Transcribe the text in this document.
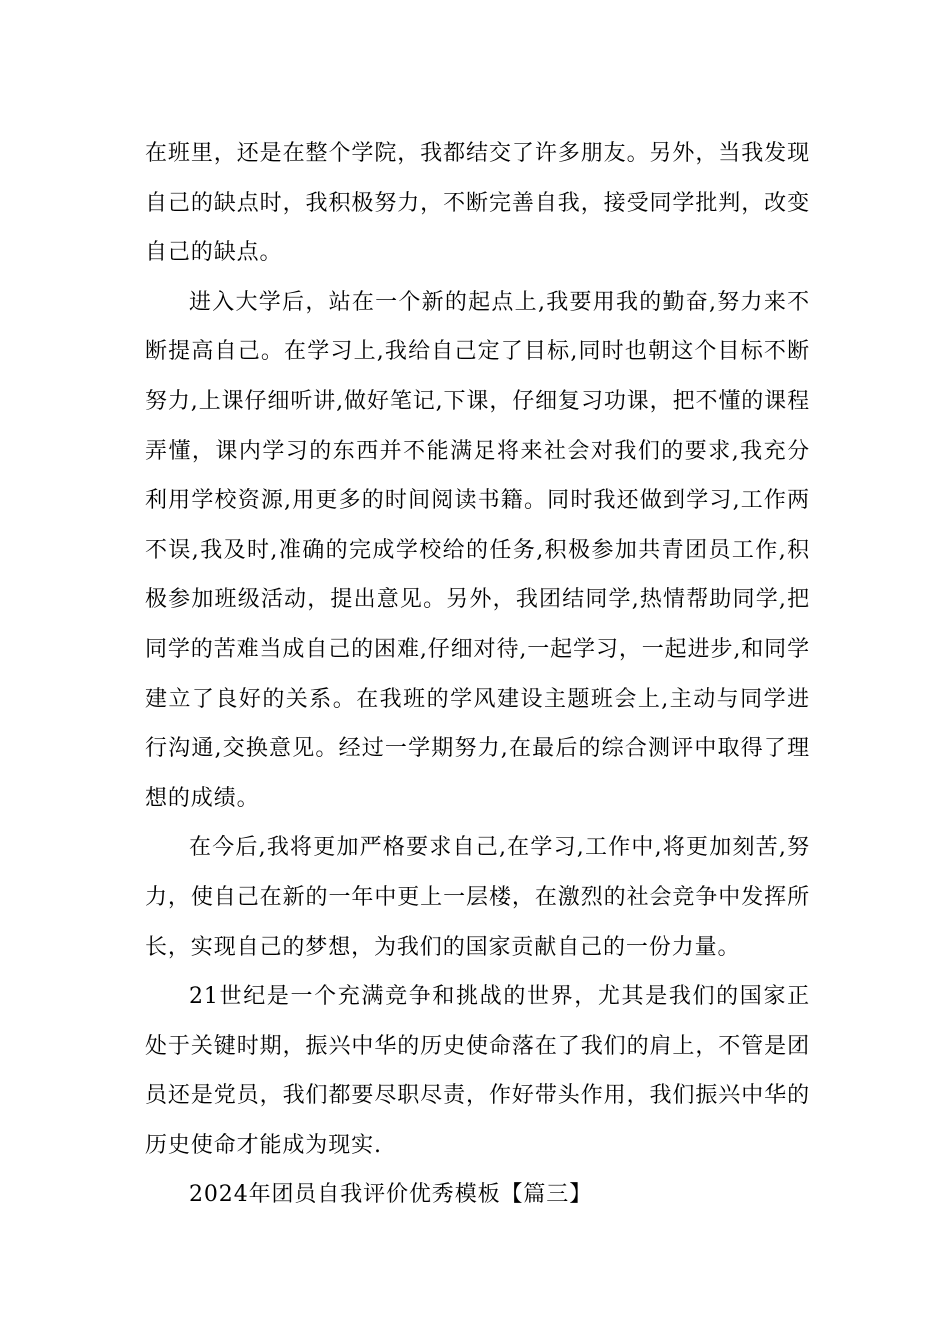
在班里，还是在整个学院，我都结交了许多朋友。另外，当我发现自己的缺点时，我积极努力，不断完善自我，接受同学批判，改变自己的缺点。

进入大学后，站在一个新的起点上,我要用我的勤奋,努力来不断提高自己。在学习上,我给自己定了目标,同时也朝这个目标不断努力,上课仔细听讲,做好笔记,下课，仔细复习功课，把不懂的课程弄懂，课内学习的东西并不能满足将来社会对我们的要求,我充分利用学校资源,用更多的时间阅读书籍。同时我还做到学习,工作两不误,我及时,准确的完成学校给的任务,积极参加共青团员工作,积极参加班级活动，提出意见。另外，我团结同学,热情帮助同学,把同学的苦难当成自己的困难,仔细对待,一起学习，一起进步,和同学建立了良好的关系。在我班的学风建设主题班会上,主动与同学进行沟通,交换意见。经过一学期努力,在最后的综合测评中取得了理想的成绩。

在今后,我将更加严格要求自己,在学习,工作中,将更加刻苦,努力，使自己在新的一年中更上一层楼，在激烈的社会竞争中发挥所长，实现自己的梦想，为我们的国家贡献自己的一份力量。

21世纪是一个充满竞争和挑战的世界，尤其是我们的国家正处于关键时期，振兴中华的历史使命落在了我们的肩上，不管是团员还是党员，我们都要尽职尽责，作好带头作用，我们振兴中华的历史使命才能成为现实.

2024年团员自我评价优秀模板【篇三】
